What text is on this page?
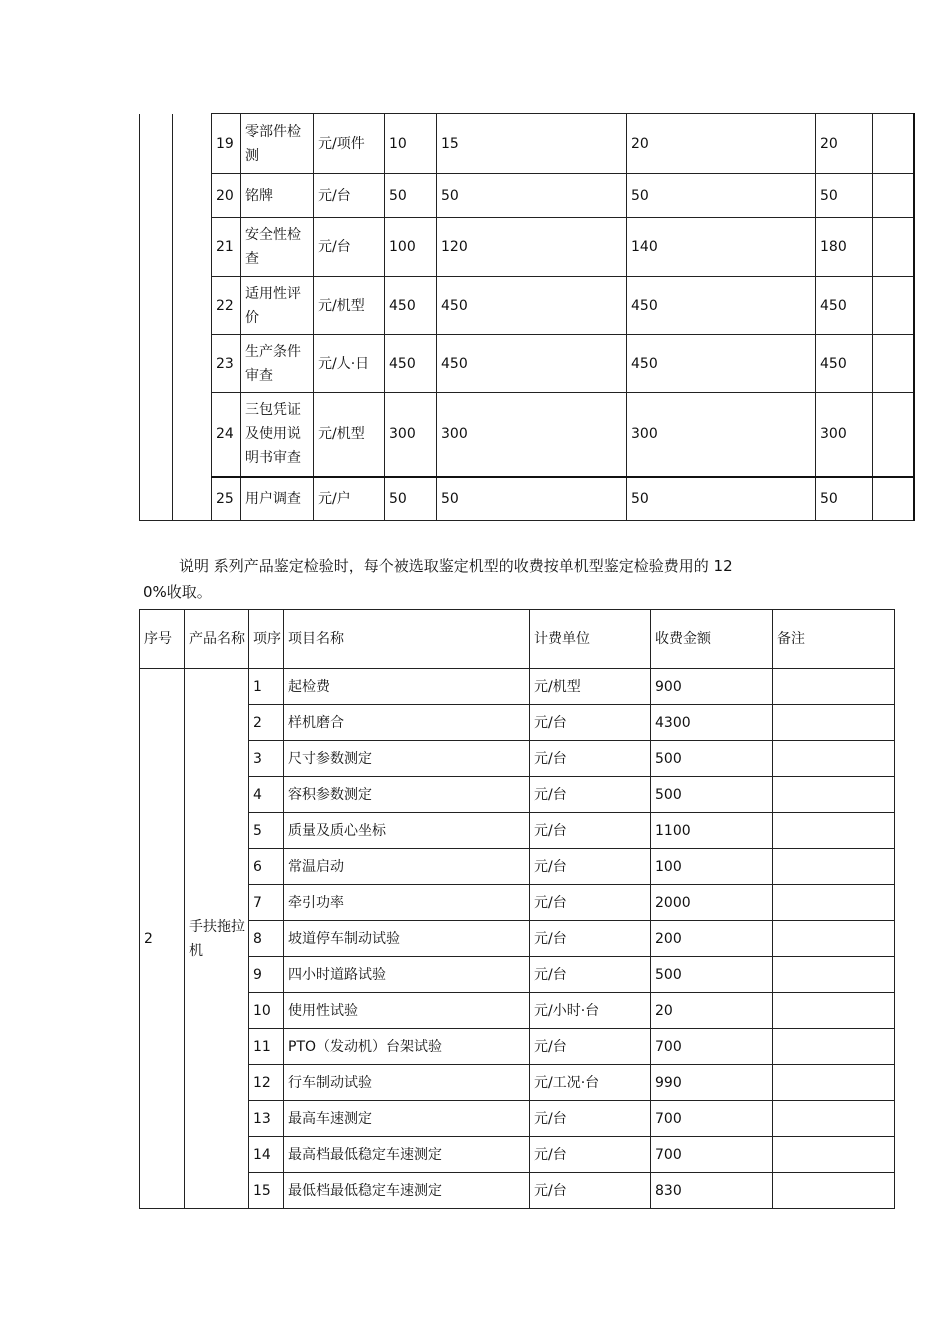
		19	零部件检测	元/项件	10	15	20	20	
		20	铭牌	元/台	50	50	50	50	
		21	安全性检查	元/台	100	120	140	180	
		22	适用性评价	元/机型	450	450	450	450	
		23	生产条件审查	元/人·日	450	450	450	450	
		24	三包凭证及使用说明书审查	元/机型	300	300	300	300	
		25	用户调查	元/户	50	50	50	50	

说明 系列产品鉴定检验时，每个被选取鉴定机型的收费按单机型鉴定检验费用的 12

0%收取。

序号	产品名称	项序	项目名称	计费单位	收费金额	备注
2	手扶拖拉机	1	起检费	元/机型	900	
		2	样机磨合	元/台	4300	
		3	尺寸参数测定	元/台	500	
		4	容积参数测定	元/台	500	
		5	质量及质心坐标	元/台	1100	
		6	常温启动	元/台	100	
		7	牵引功率	元/台	2000	
		8	坡道停车制动试验	元/台	200	
		9	四小时道路试验	元/台	500	
		10	使用性试验	元/小时·台	20	
		11	PTO（发动机）台架试验	元/台	700	
		12	行车制动试验	元/工况·台	990	
		13	最高车速测定	元/台	700	
		14	最高档最低稳定车速测定	元/台	700	
		15	最低档最低稳定车速测定	元/台	830	
